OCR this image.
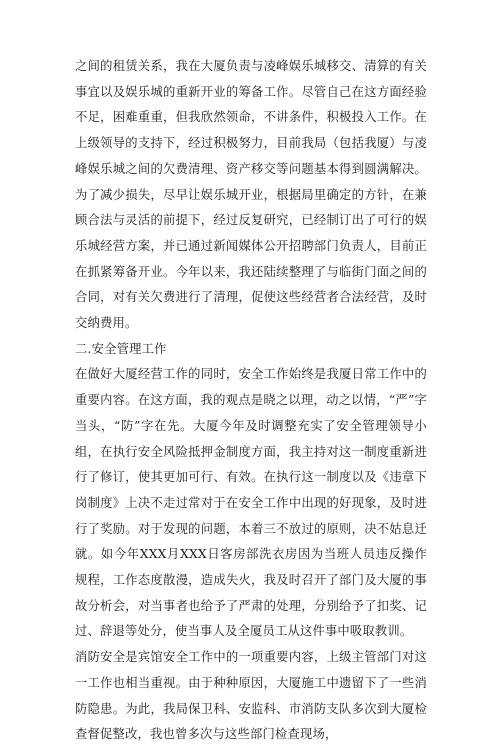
之间的租赁关系，我在大厦负责与凌峰娱乐城移交、清算的有关事宜以及娱乐城的重新开业的筹备工作。尽管自己在这方面经验不足，困难重重，但我欣然领命，不讲条件，积极投入工作。在上级领导的支持下，经过积极努力，目前我局（包括我厦）与凌峰娱乐城之间的欠费清理、资产移交等问题基本得到圆满解决。为了减少损失，尽早让娱乐城开业，根据局里确定的方针，在兼顾合法与灵活的前提下，经过反复研究，已经制订出了可行的娱乐城经营方案，并已通过新闻媒体公开招聘部门负责人，目前正在抓紧筹备开业。今年以来，我还陆续整理了与临街门面之间的合同，对有关欠费进行了清理，促使这些经营者合法经营，及时交纳费用。

二.安全管理工作

在做好大厦经营工作的同时，安全工作始终是我厦日常工作中的重要内容。在这方面，我的观点是晓之以理，动之以情，“严”字当头，“防”字在先。大厦今年及时调整充实了安全管理领导小组，在执行安全风险抵押金制度方面，我主持对这一制度重新进行了修订，使其更加可行、有效。在执行这一制度以及《违章下岗制度》上决不走过常对于在安全工作中出现的好现象，及时进行了奖励。对于发现的问题，本着三不放过的原则，决不姑息迁就。如今年XXX月XXX日客房部洗衣房因为当班人员违反操作规程，工作态度散漫，造成失火，我及时召开了部门及大厦的事故分析会，对当事者也给予了严肃的处理，分别给予了扣奖、记过、辞退等处分，使当事人及全厦员工从这件事中吸取教训。

消防安全是宾馆安全工作中的一项重要内容，上级主管部门对这一工作也相当重视。由于种种原因，大厦施工中遗留下了一些消防隐患。为此，我局保卫科、安监科、市消防支队多次到大厦检查督促整改，我也曾多次与这些部门检查现场，
